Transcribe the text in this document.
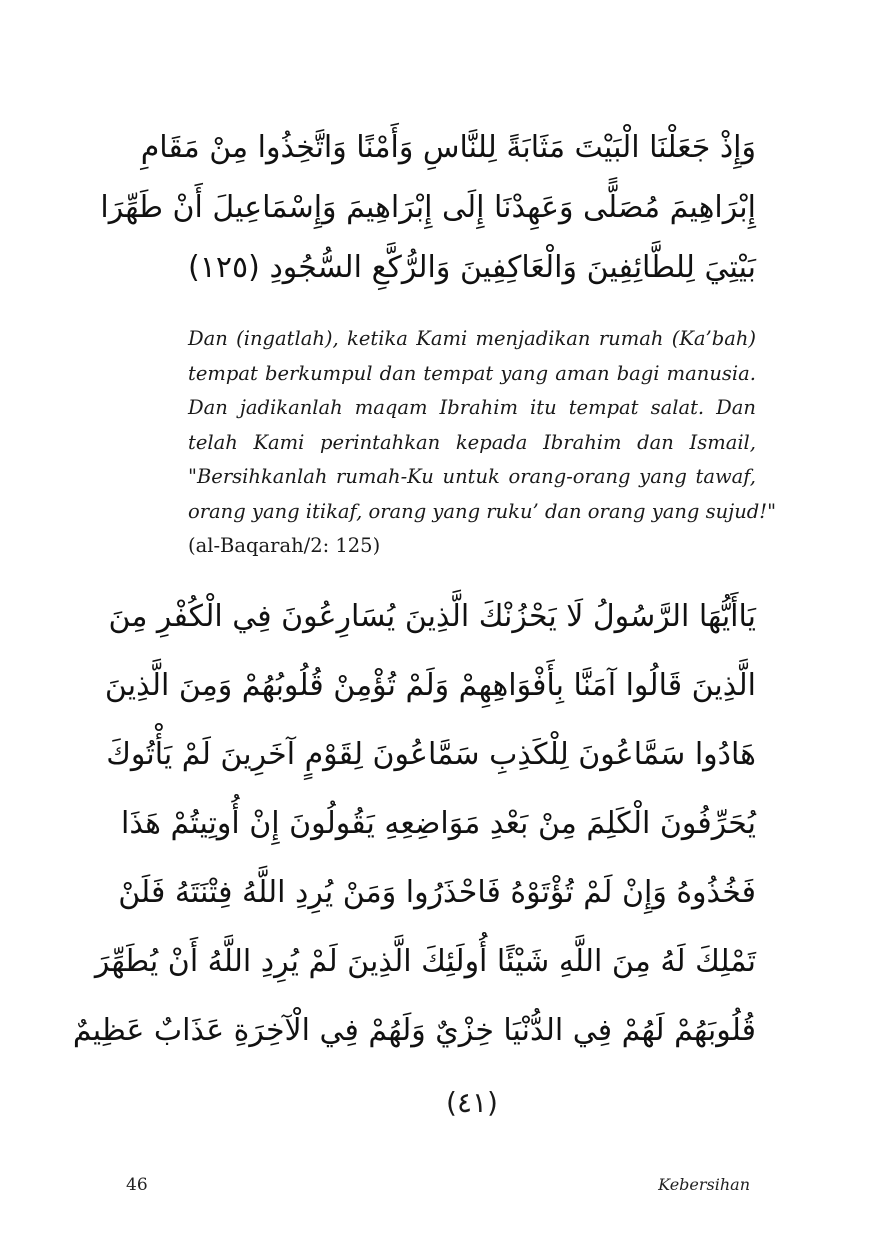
وَإِذْ جَعَلْنَا الْبَيْتَ مَثَابَةً لِلنَّاسِ وَأَمْنًا وَاتَّخِذُوا مِنْ مَقَامِ
إِبْرَاهِيمَ مُصَلًّى وَعَهِدْنَا إِلَى إِبْرَاهِيمَ وَإِسْمَاعِيلَ أَنْ طَهِّرَا
بَيْتِيَ لِلطَّائِفِينَ وَالْعَاكِفِينَ وَالرُّكَّعِ السُّجُودِ (١٢٥)
Dan (ingatlah), ketika Kami menjadikan rumah (Ka’bah)
tempat berkumpul dan tempat yang aman bagi manusia.
Dan jadikanlah maqam Ibrahim itu tempat salat. Dan
telah Kami perintahkan kepada Ibrahim dan Ismail,
"Bersihkanlah rumah-Ku untuk orang-orang yang tawaf,
orang yang itikaf, orang yang ruku’ dan orang yang sujud!"
(al-Baqarah/2: 125)
يَاأَيُّهَا الرَّسُولُ لَا يَحْزُنْكَ الَّذِينَ يُسَارِعُونَ فِي الْكُفْرِ مِنَ
الَّذِينَ قَالُوا آمَنَّا بِأَفْوَاهِهِمْ وَلَمْ تُؤْمِنْ قُلُوبُهُمْ وَمِنَ الَّذِينَ
هَادُوا سَمَّاعُونَ لِلْكَذِبِ سَمَّاعُونَ لِقَوْمٍ آخَرِينَ لَمْ يَأْتُوكَ
يُحَرِّفُونَ الْكَلِمَ مِنْ بَعْدِ مَوَاضِعِهِ يَقُولُونَ إِنْ أُوتِيتُمْ هَذَا
فَخُذُوهُ وَإِنْ لَمْ تُؤْتَوْهُ فَاحْذَرُوا وَمَنْ يُرِدِ اللَّهُ فِتْنَتَهُ فَلَنْ
تَمْلِكَ لَهُ مِنَ اللَّهِ شَيْئًا أُولَئِكَ الَّذِينَ لَمْ يُرِدِ اللَّهُ أَنْ يُطَهِّرَ
قُلُوبَهُمْ لَهُمْ فِي الدُّنْيَا خِزْيٌ وَلَهُمْ فِي الْآخِرَةِ عَذَابٌ عَظِيمٌ
(٤١)
46	Kebersihan
